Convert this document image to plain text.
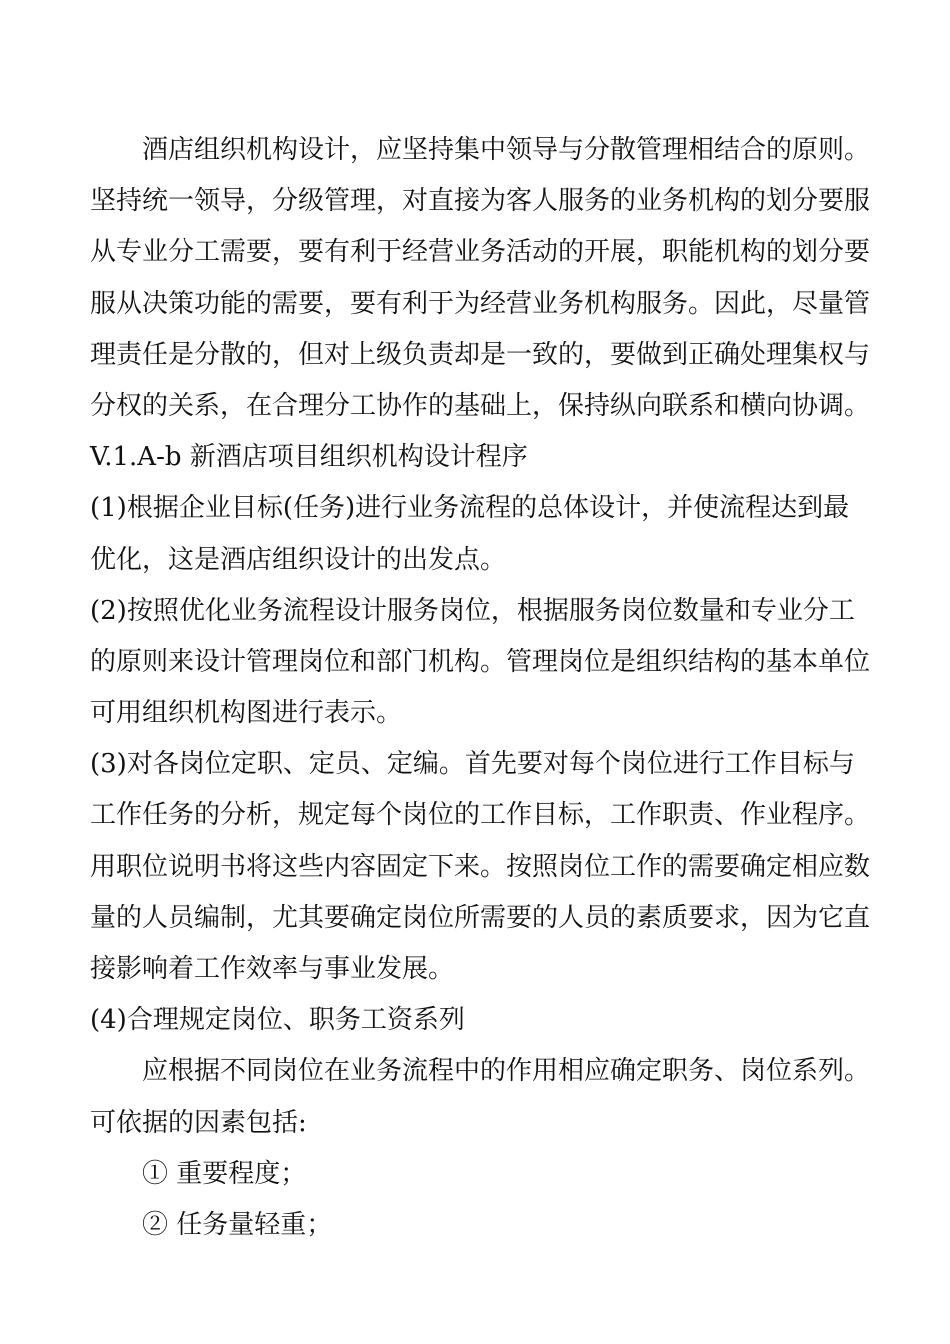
酒店组织机构设计，应坚持集中领导与分散管理相结合的原则。
坚持统一领导，分级管理，对直接为客人服务的业务机构的划分要服
从专业分工需要，要有利于经营业务活动的开展，职能机构的划分要
服从决策功能的需要，要有利于为经营业务机构服务。因此，尽量管
理责任是分散的，但对上级负责却是一致的，要做到正确处理集权与
分权的关系，在合理分工协作的基础上，保持纵向联系和横向协调。
V.1.A-b 新酒店项目组织机构设计程序
(1)根据企业目标(任务)进行业务流程的总体设计，并使流程达到最
优化，这是酒店组织设计的出发点。
(2)按照优化业务流程设计服务岗位，根据服务岗位数量和专业分工
的原则来设计管理岗位和部门机构。管理岗位是组织结构的基本单位
可用组织机构图进行表示。
(3)对各岗位定职、定员、定编。首先要对每个岗位进行工作目标与
工作任务的分析，规定每个岗位的工作目标，工作职责、作业程序。
用职位说明书将这些内容固定下来。按照岗位工作的需要确定相应数
量的人员编制，尤其要确定岗位所需要的人员的素质要求，因为它直
接影响着工作效率与事业发展。
(4)合理规定岗位、职务工资系列
应根据不同岗位在业务流程中的作用相应确定职务、岗位系列。
可依据的因素包括:
① 重要程度；
② 任务量轻重；
